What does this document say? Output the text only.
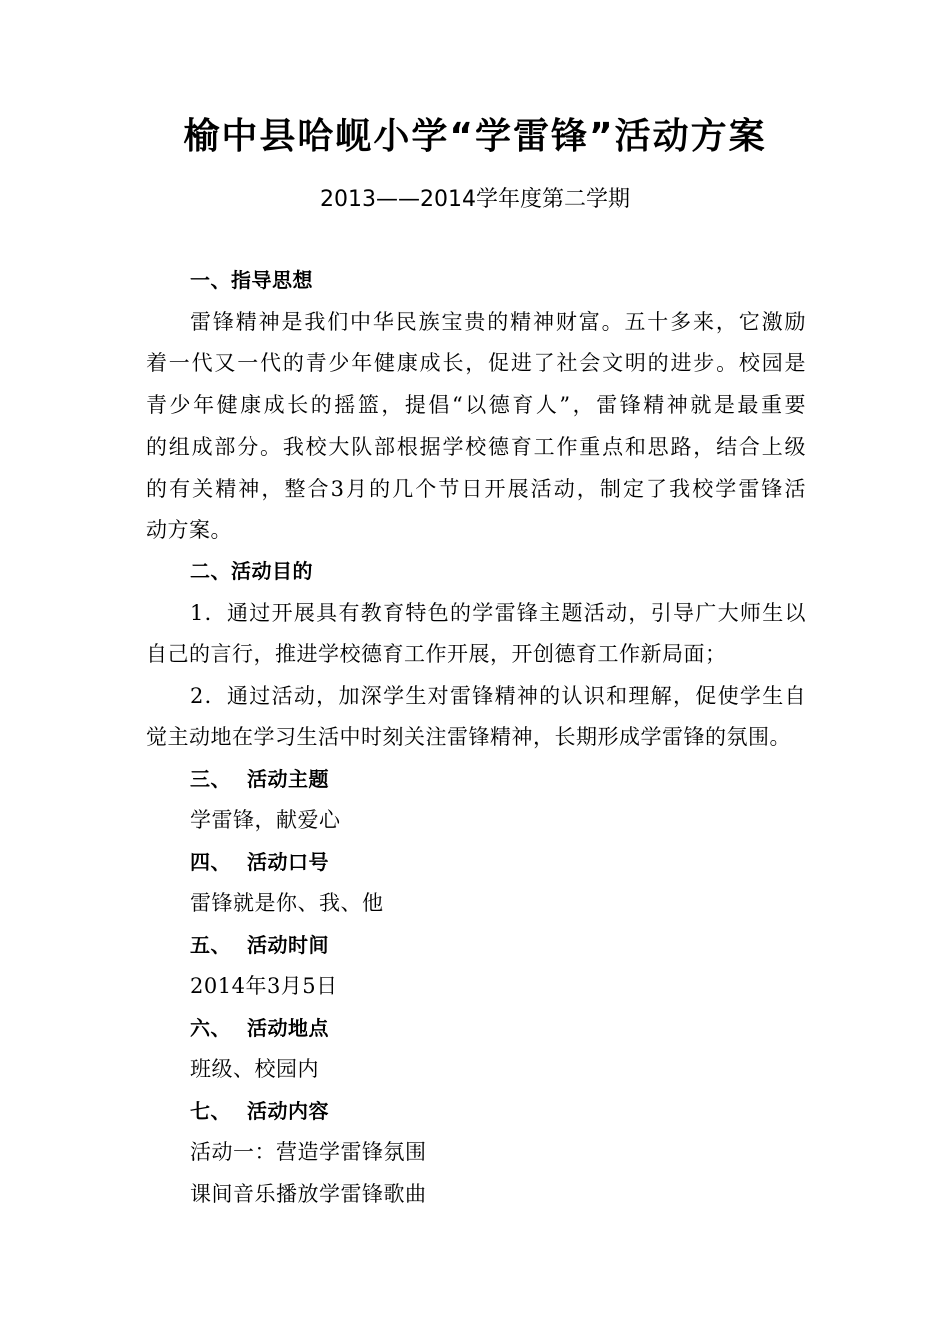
榆中县哈岘小学“学雷锋”活动方案
2013——2014学年度第二学期
一、指导思想
雷锋精神是我们中华民族宝贵的精神财富。五十多来，它激励
着一代又一代的青少年健康成长，促进了社会文明的进步。校园是
青少年健康成长的摇篮，提倡“以德育人”，雷锋精神就是最重要
的组成部分。我校大队部根据学校德育工作重点和思路，结合上级
的有关精神，整合3月的几个节日开展活动，制定了我校学雷锋活
动方案。
二、活动目的
1．通过开展具有教育特色的学雷锋主题活动，引导广大师生以
自己的言行，推进学校德育工作开展，开创德育工作新局面；
2．通过活动，加深学生对雷锋精神的认识和理解，促使学生自
觉主动地在学习生活中时刻关注雷锋精神，长期形成学雷锋的氛围。
三、 活动主题
学雷锋，献爱心
四、 活动口号
雷锋就是你、我、他
五、 活动时间
2014年3月5日
六、 活动地点
班级、校园内
七、 活动内容
活动一：营造学雷锋氛围
课间音乐播放学雷锋歌曲
